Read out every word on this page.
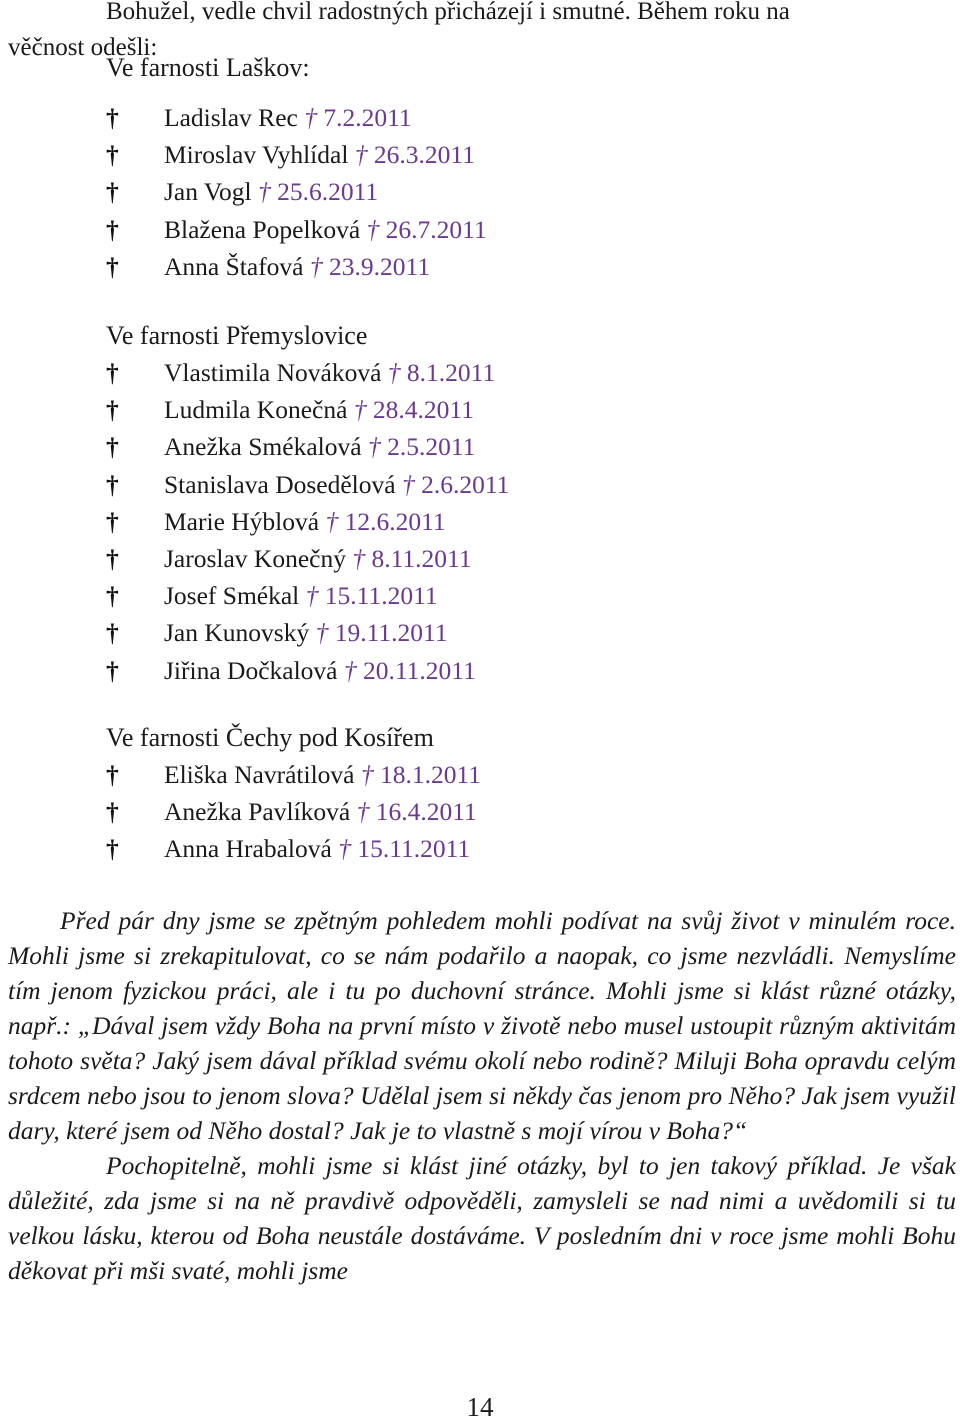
Bohužel, vedle chvil radostných přicházejí i smutné. Během roku na
věčnost odešli:
Ve farnosti Laškov:
† Ladislav Rec † 7.2.2011
† Miroslav Vyhlídal † 26.3.2011
† Jan Vogl † 25.6.2011
† Blažena Popelková † 26.7.2011
† Anna Štafová † 23.9.2011
Ve farnosti Přemyslovice
† Vlastimila Nováková † 8.1.2011
† Ludmila Konečná † 28.4.2011
† Anežka Smékalová † 2.5.2011
† Stanislava Dosedělová † 2.6.2011
† Marie Hýblová † 12.6.2011
† Jaroslav Konečný † 8.11.2011
† Josef Smékal † 15.11.2011
† Jan Kunovský † 19.11.2011
† Jiřina Dočkalová † 20.11.2011
Ve farnosti Čechy pod Kosířem
† Eliška Navrátilová † 18.1.2011
† Anežka Pavlíková † 16.4.2011
† Anna Hrabalová † 15.11.2011

Před pár dny jsme se zpětným pohledem mohli podívat na svůj život v minulém roce. Mohli jsme si zrekapitulovat, co se nám podařilo a naopak, co jsme nezvládli. Nemyslíme tím jenom fyzickou práci, ale i tu po duchovní stránce. Mohli jsme si klást různé otázky, např.: „Dával jsem vždy Boha na první místo v životě nebo musel ustoupit různým aktivitám tohoto světa? Jaký jsem dával příklad svému okolí nebo rodině? Miluji Boha opravdu celým srdcem nebo jsou to jenom slova? Udělal jsem si někdy čas jenom pro Něho? Jak jsem využil dary, které jsem od Něho dostal? Jak je to vlastně s mojí vírou v Boha?“

Pochopitelně, mohli jsme si klást jiné otázky, byl to jen takový příklad. Je však důležité, zda jsme si na ně pravdivě odpověděli, zamysleli se nad nimi a uvědomili si tu velkou lásku, kterou od Boha neustále dostáváme. V posledním dni v roce jsme mohli Bohu děkovat při mši svaté, mohli jsme

14
